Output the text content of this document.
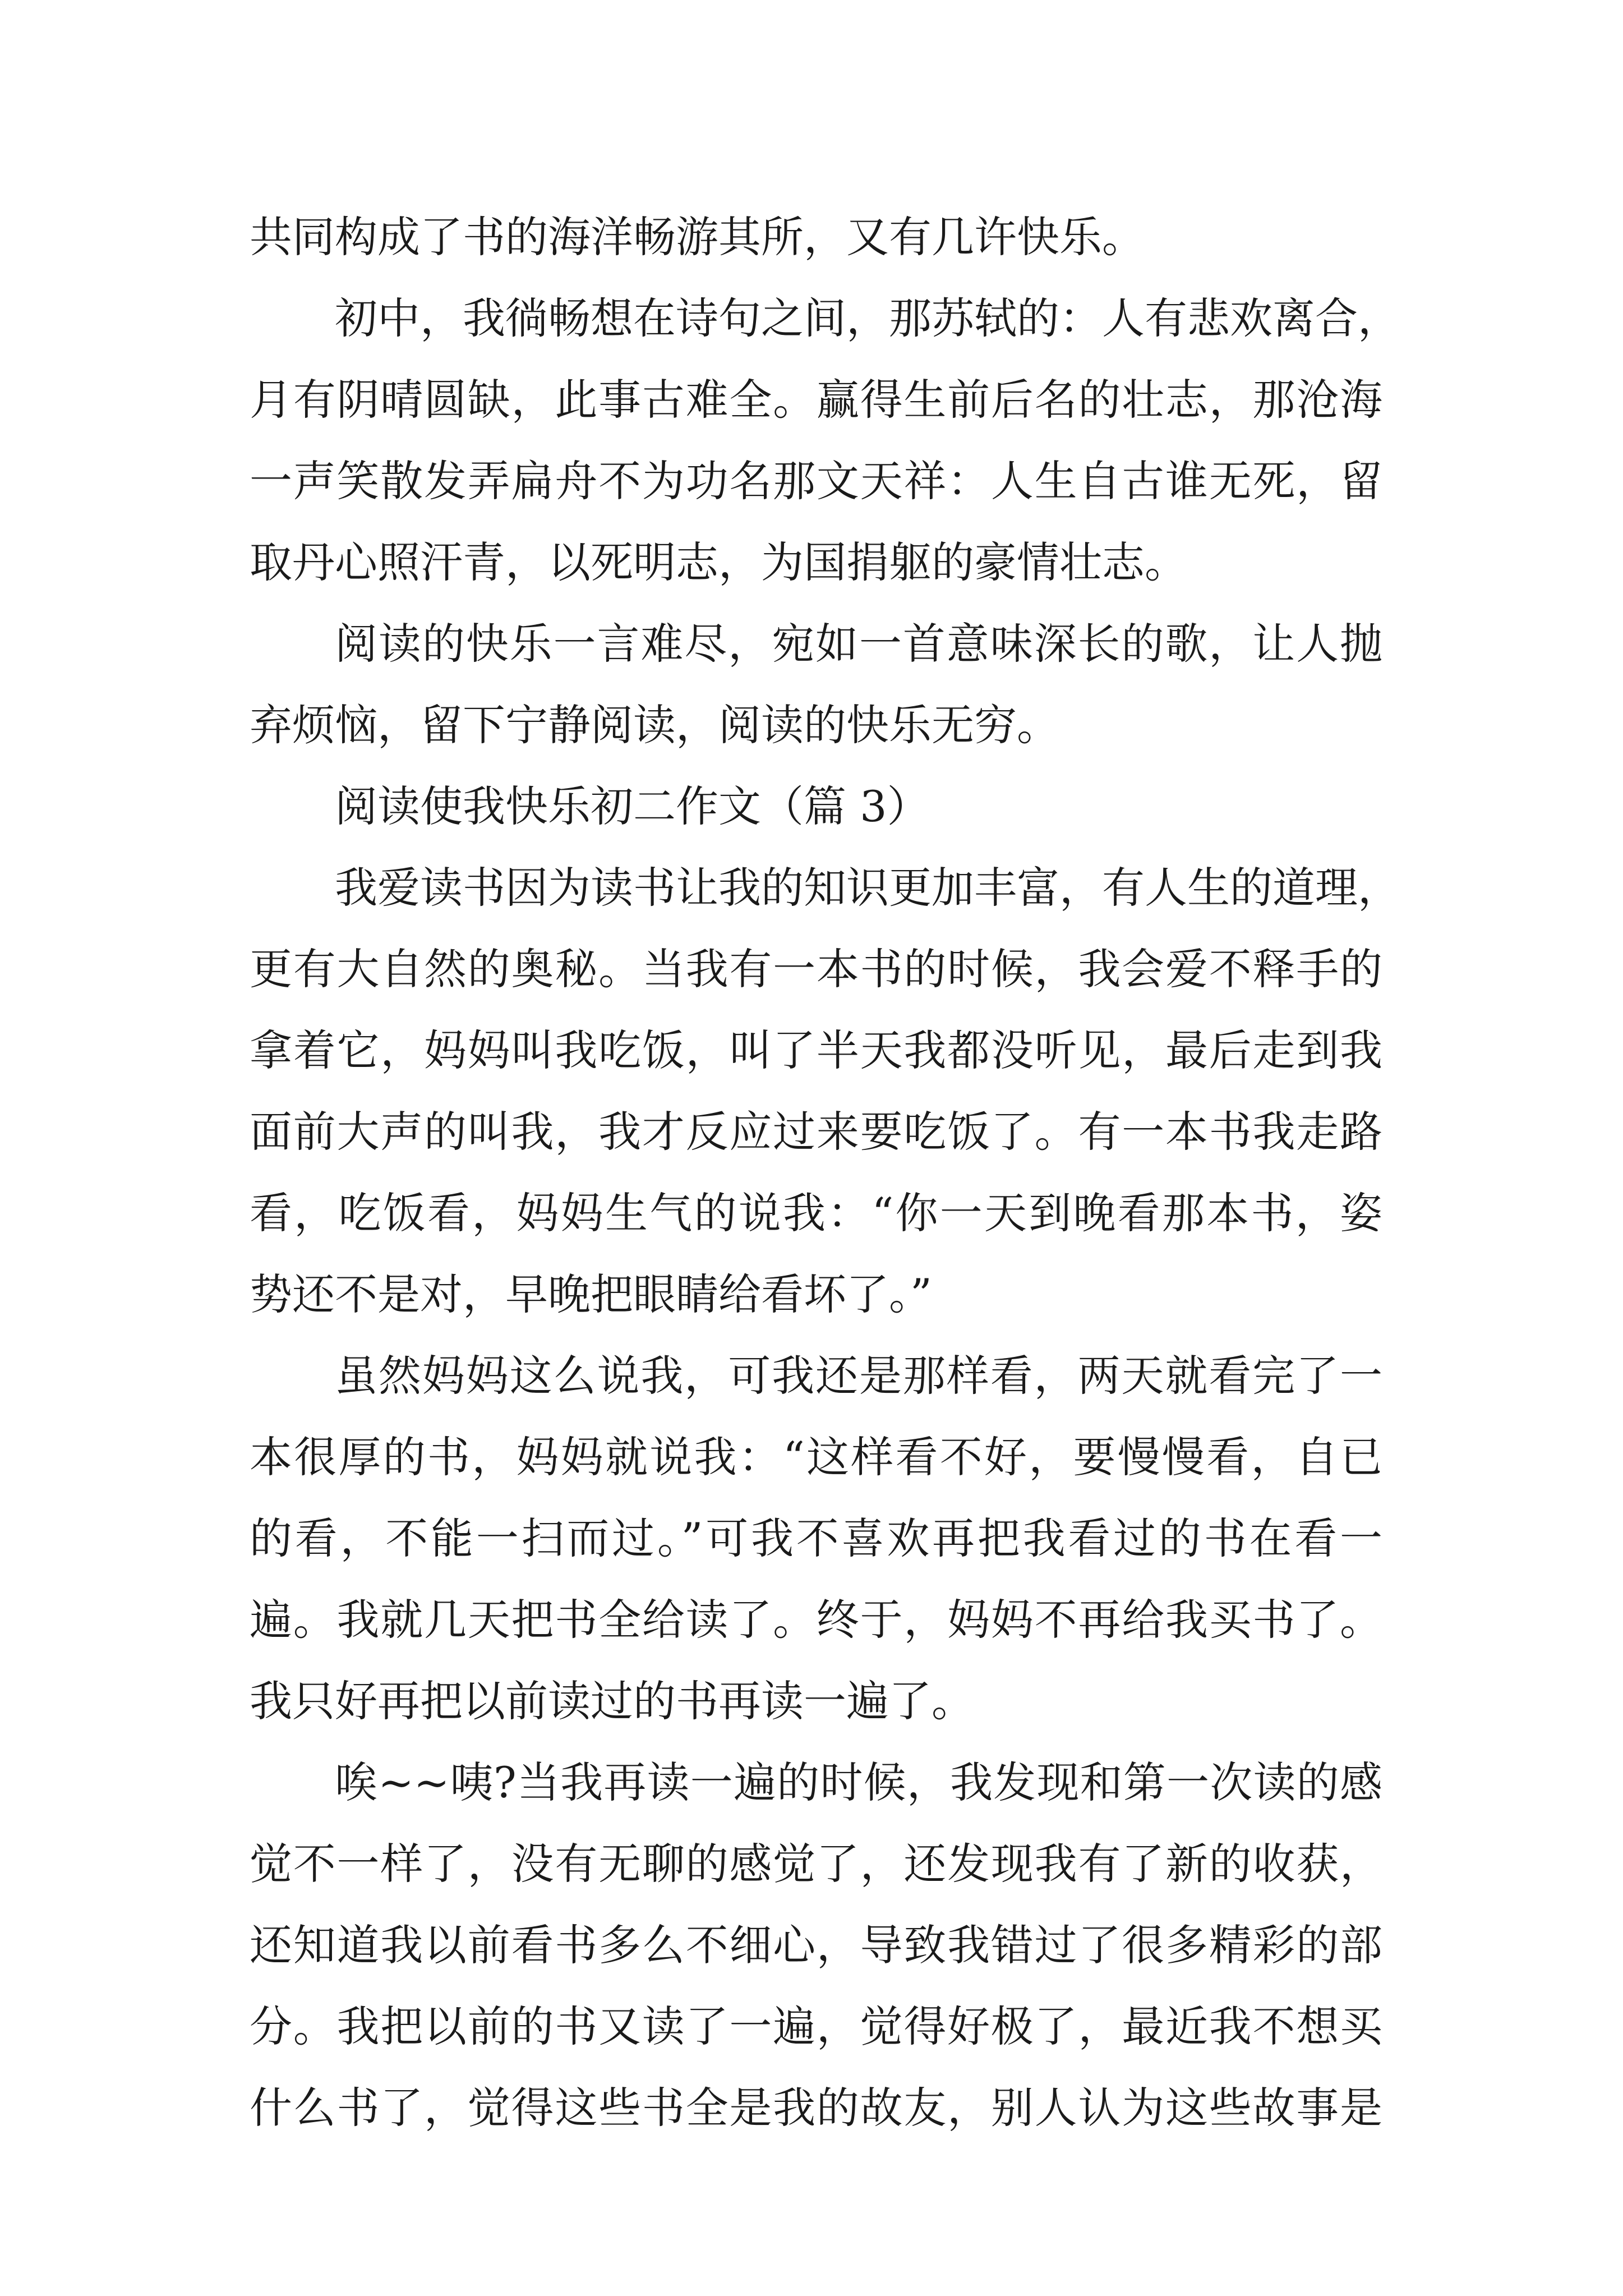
共同构成了书的海洋畅游其所，又有几许快乐。
初中，我徜畅想在诗句之间，那苏轼的：人有悲欢离合，
月有阴晴圆缺，此事古难全。赢得生前后名的壮志，那沧海
一声笑散发弄扁舟不为功名那文天祥：人生自古谁无死，留
取丹心照汗青，以死明志，为国捐躯的豪情壮志。
阅读的快乐一言难尽，宛如一首意味深长的歌，让人抛
弃烦恼，留下宁静阅读，阅读的快乐无穷。
阅读使我快乐初二作文（篇 3）
我爱读书因为读书让我的知识更加丰富，有人生的道理，
更有大自然的奥秘。当我有一本书的时候，我会爱不释手的
拿着它，妈妈叫我吃饭，叫了半天我都没听见，最后走到我
面前大声的叫我，我才反应过来要吃饭了。有一本书我走路
看，吃饭看，妈妈生气的说我：“你一天到晚看那本书，姿
势还不是对，早晚把眼睛给看坏了。”
虽然妈妈这么说我，可我还是那样看，两天就看完了一
本很厚的书，妈妈就说我：“这样看不好，要慢慢看，自已
的看，不能一扫而过。”可我不喜欢再把我看过的书在看一
遍。我就几天把书全给读了。终于，妈妈不再给我买书了。
我只好再把以前读过的书再读一遍了。
唉~~咦?当我再读一遍的时候，我发现和第一次读的感
觉不一样了，没有无聊的感觉了，还发现我有了新的收获，
还知道我以前看书多么不细心，导致我错过了很多精彩的部
分。我把以前的书又读了一遍，觉得好极了，最近我不想买
什么书了，觉得这些书全是我的故友，别人认为这些故事是
